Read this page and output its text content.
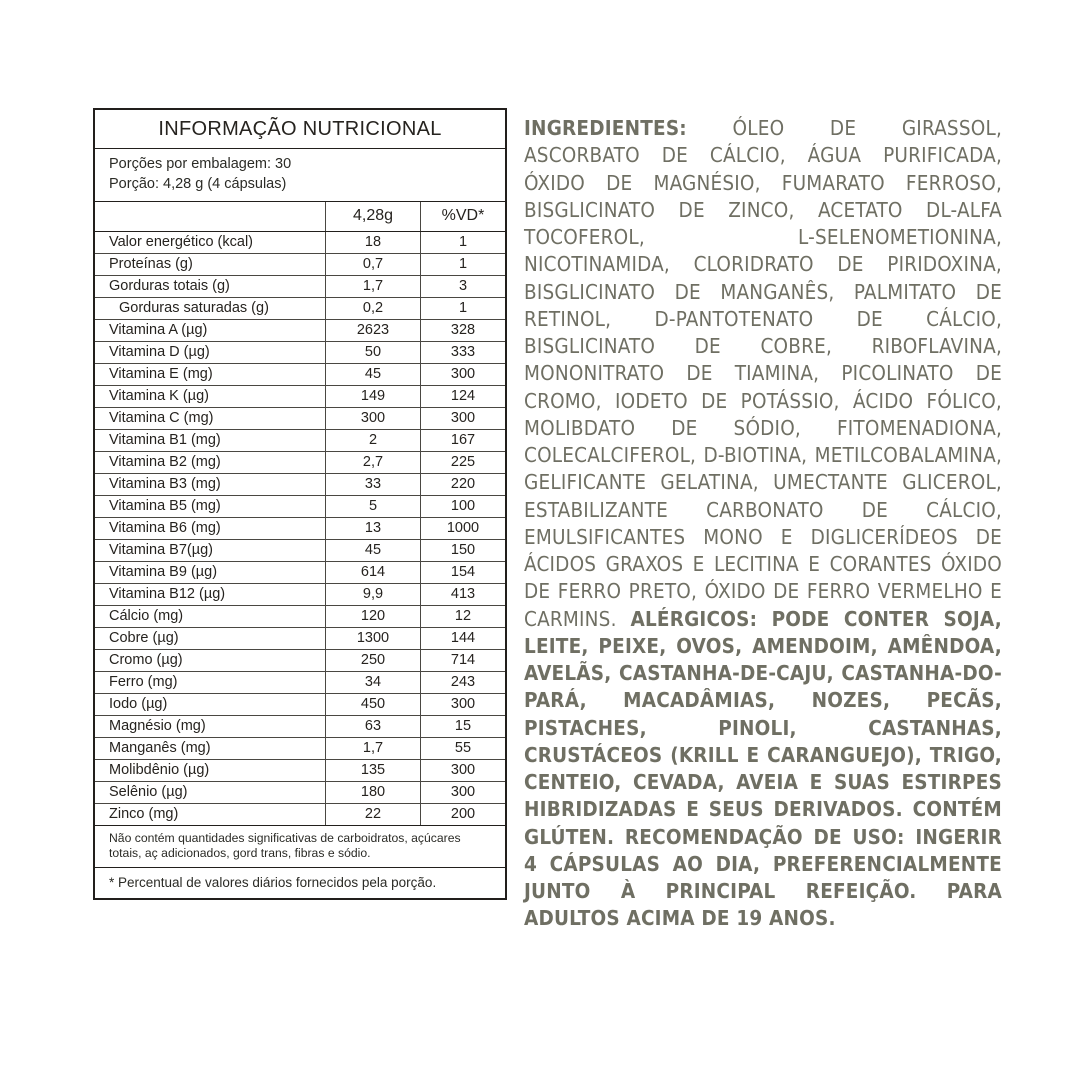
INFORMAÇÃO NUTRICIONAL
Porções por embalagem: 30
Porção: 4,28 g (4 cápsulas)
	4,28g	%VD*
Valor energético (kcal)	18	1
Proteínas (g)	0,7	1
Gorduras totais (g)	1,7	3
Gorduras saturadas (g)	0,2	1
Vitamina A (µg)	2623	328
Vitamina D (µg)	50	333
Vitamina E (mg)	45	300
Vitamina K (µg)	149	124
Vitamina C (mg)	300	300
Vitamina B1 (mg)	2	167
Vitamina B2 (mg)	2,7	225
Vitamina B3 (mg)	33	220
Vitamina B5 (mg)	5	100
Vitamina B6 (mg)	13	1000
Vitamina B7(µg)	45	150
Vitamina B9 (µg)	614	154
Vitamina B12 (µg)	9,9	413
Cálcio (mg)	120	12
Cobre (µg)	1300	144
Cromo (µg)	250	714
Ferro (mg)	34	243
Iodo (µg)	450	300
Magnésio (mg)	63	15
Manganês (mg)	1,7	55
Molibdênio (µg)	135	300
Selênio (µg)	180	300
Zinco (mg)	22	200
Não contém quantidades significativas de carboidratos, açúcares totais, aç adicionados, gord trans, fibras e sódio.
* Percentual de valores diários fornecidos pela porção.

INGREDIENTES: ÓLEO DE GIRASSOL, ASCORBATO DE CÁLCIO, ÁGUA PURIFICADA, ÓXIDO DE MAGNÉSIO, FUMARATO FERROSO, BISGLICINATO DE ZINCO, ACETATO DL-ALFA TOCOFEROL, L-SELENOMETIONINA, NICOTINAMIDA, CLORIDRATO DE PIRIDOXINA, BISGLICINATO DE MANGANÊS, PALMITATO DE RETINOL, D-PANTOTENATO DE CÁLCIO, BISGLICINATO DE COBRE, RIBOFLAVINA, MONONITRATO DE TIAMINA, PICOLINATO DE CROMO, IODETO DE POTÁSSIO, ÁCIDO FÓLICO, MOLIBDATO DE SÓDIO, FITOMENADIONA, COLECALCIFEROL, D-BIOTINA, METILCOBALAMINA, GELIFICANTE GELATINA, UMECTANTE GLICEROL, ESTABILIZANTE CARBONATO DE CÁLCIO, EMULSIFICANTES MONO E DIGLICERÍDEOS DE ÁCIDOS GRAXOS E LECITINA E CORANTES ÓXIDO DE FERRO PRETO, ÓXIDO DE FERRO VERMELHO E CARMINS. ALÉRGICOS: PODE CONTER SOJA, LEITE, PEIXE, OVOS, AMENDOIM, AMÊNDOA, AVELÃS, CASTANHA-DE-CAJU, CASTANHA-DO-PARÁ, MACADÂMIAS, NOZES, PECÃS, PISTACHES, PINOLI, CASTANHAS, CRUSTÁCEOS (KRILL E CARANGUEJO), TRIGO, CENTEIO, CEVADA, AVEIA E SUAS ESTIRPES HIBRIDIZADAS E SEUS DERIVADOS. CONTÉM GLÚTEN. RECOMENDAÇÃO DE USO: INGERIR 4 CÁPSULAS AO DIA, PREFERENCIALMENTE JUNTO À PRINCIPAL REFEIÇÃO. PARA ADULTOS ACIMA DE 19 ANOS.
